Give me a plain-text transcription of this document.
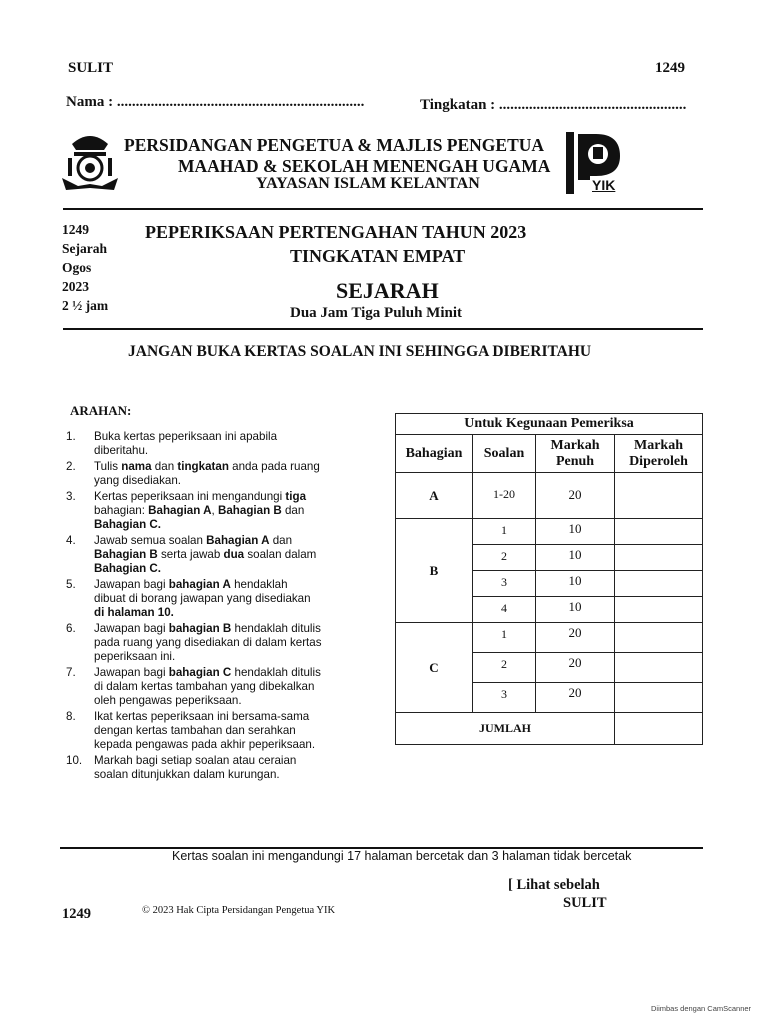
SULIT	1249
Nama : ..................................................................	Tingkatan : ..................................................
PERSIDANGAN PENGETUA & MAJLIS PENGETUA
MAAHAD & SEKOLAH MENENGAH UGAMA
YAYASAN ISLAM KELANTAN	YIK
1249
Sejarah
Ogos
2023
2 ½ jam
PEPERIKSAAN PERTENGAHAN TAHUN 2023
TINGKATAN EMPAT
SEJARAH
Dua Jam Tiga Puluh Minit
JANGAN BUKA KERTAS SOALAN INI SEHINGGA DIBERITAHU
ARAHAN:
1.	Buka kertas peperiksaan ini apabila diberitahu.
2.	Tulis nama dan tingkatan anda pada ruang yang disediakan.
3.	Kertas peperiksaan ini mengandungi tiga bahagian: Bahagian A, Bahagian B dan Bahagian C.
4.	Jawab semua soalan Bahagian A dan Bahagian B serta jawab dua soalan dalam Bahagian C.
5.	Jawapan bagi bahagian A hendaklah dibuat di borang jawapan yang disediakan di halaman 10.
6.	Jawapan bagi bahagian B hendaklah ditulis pada ruang yang disediakan di dalam kertas peperiksaan ini.
7.	Jawapan bagi bahagian C hendaklah ditulis di dalam kertas tambahan yang dibekalkan oleh pengawas peperiksaan.
8.	Ikat kertas peperiksaan ini bersama-sama dengan kertas tambahan dan serahkan kepada pengawas pada akhir peperiksaan.
10.	Markah bagi setiap soalan atau ceraian soalan ditunjukkan dalam kurungan.
Untuk Kegunaan Pemeriksa			
Bahagian	Soalan	Markah Penuh	Markah Diperoleh
A	1-20	20	
B	1	10	
	2	10	
	3	10	
	4	10	
C	1	20	
	2	20	
	3	20	
JUMLAH			
Kertas soalan ini mengandungi 17 halaman bercetak dan 3 halaman tidak bercetak
[ Lihat sebelah
SULIT
1249	© 2023 Hak Cipta Persidangan Pengetua YIK
Diimbas dengan CamScanner
